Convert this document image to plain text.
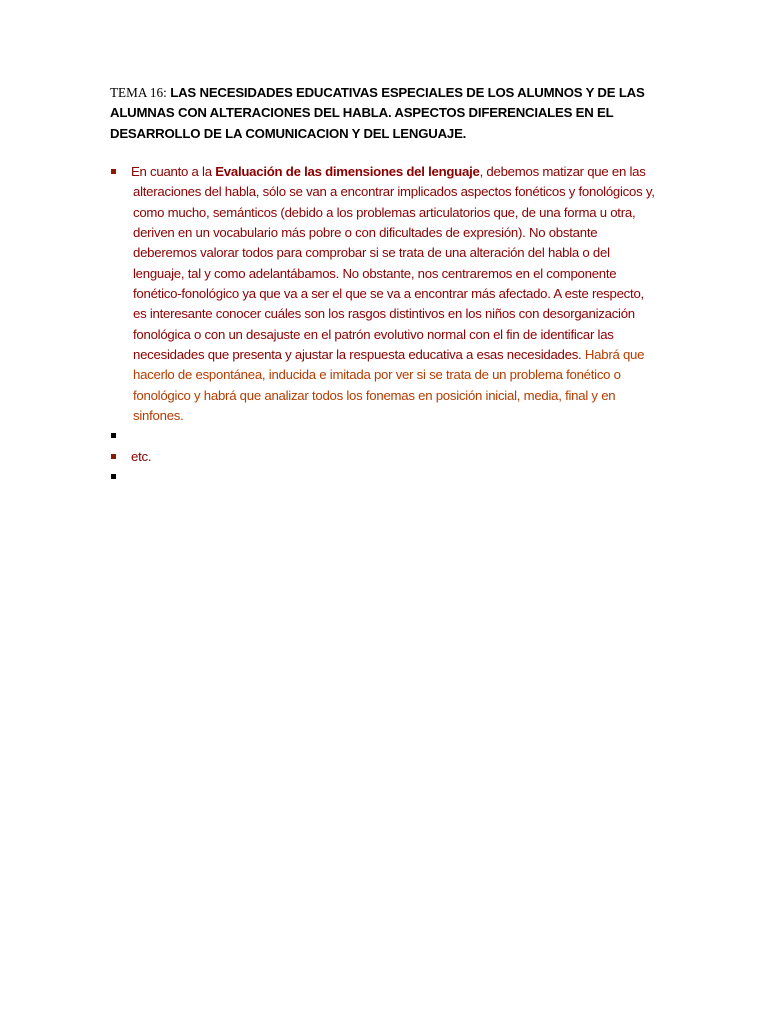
TEMA 16: LAS NECESIDADES EDUCATIVAS ESPECIALES DE LOS ALUMNOS Y DE LAS ALUMNAS CON ALTERACIONES DEL HABLA. ASPECTOS DIFERENCIALES EN EL DESARROLLO DE LA COMUNICACION Y DEL LENGUAJE.
En cuanto a la Evaluación de las dimensiones del lenguaje, debemos matizar que en las alteraciones del habla, sólo se van a encontrar implicados aspectos fonéticos y fonológicos y, como mucho, semánticos (debido a los problemas articulatorios que, de una forma u otra, deriven en un vocabulario más pobre o con dificultades de expresión). No obstante deberemos valorar todos para comprobar si se trata de una alteración del habla o del lenguaje, tal y como adelantábamos. No obstante, nos centraremos en el componente fonético-fonológico ya que va a ser el que se va a encontrar más afectado. A este respecto, es interesante conocer cuáles son los rasgos distintivos en los niños con desorganización fonológica o con un desajuste en el patrón evolutivo normal con el fin de identificar las necesidades que presenta y ajustar la respuesta educativa a esas necesidades. Habrá que hacerlo de espontánea, inducida e imitada por ver si se trata de un problema fonético o fonológico y habrá que analizar todos los fonemas en posición inicial, media, final y en sinfones.
etc.
